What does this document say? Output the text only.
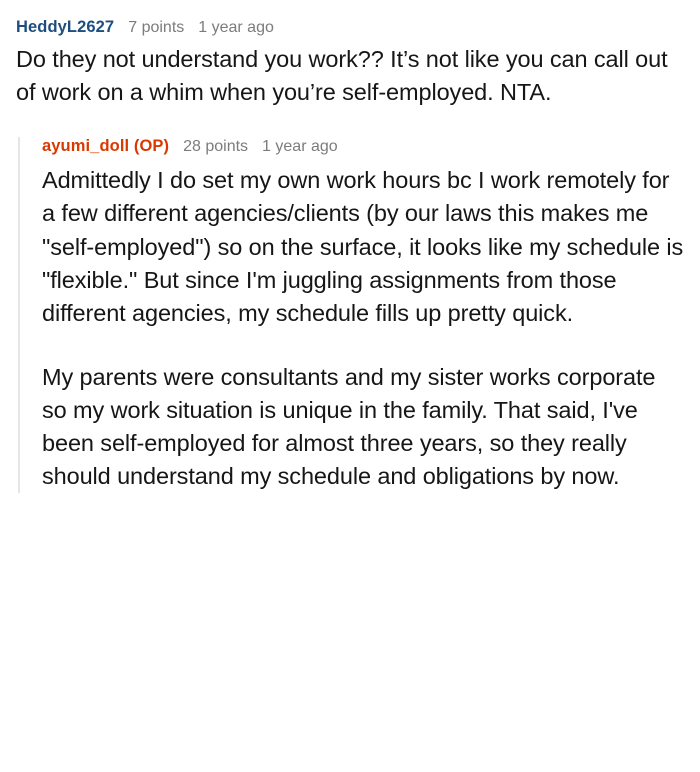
HeddyL2627 7 points 1 year ago

Do they not understand you work?? It’s not like you can call out of work on a whim when you’re self-employed. NTA.

ayumi_doll (OP) 28 points 1 year ago

Admittedly I do set my own work hours bc I work remotely for a few different agencies/clients (by our laws this makes me "self-employed") so on the surface, it looks like my schedule is "flexible." But since I'm juggling assignments from those different agencies, my schedule fills up pretty quick.

My parents were consultants and my sister works corporate so my work situation is unique in the family. That said, I've been self-employed for almost three years, so they really should understand my schedule and obligations by now.
